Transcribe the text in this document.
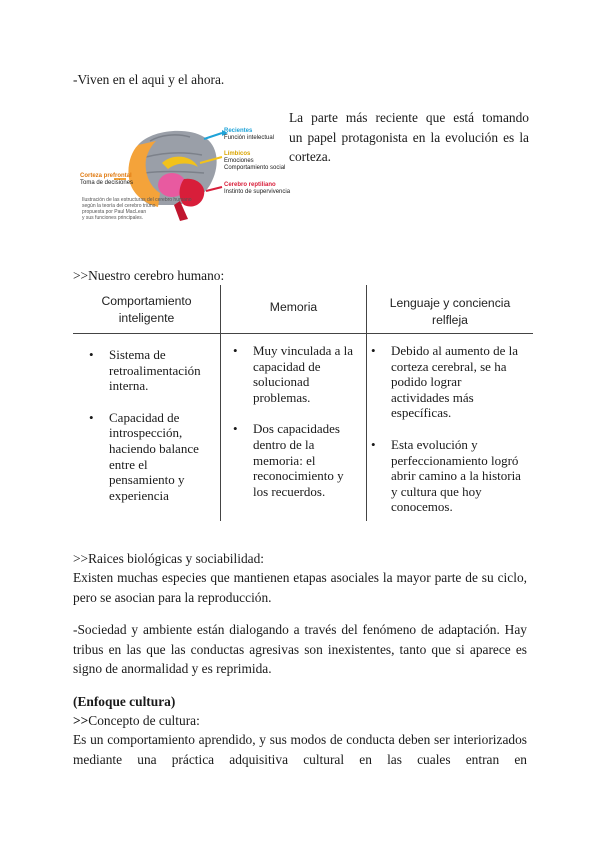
-Viven en el aqui y el ahora.
Recientes
Función intelectual
Límbicos
Emociones
Comportamiento social
Cerebro reptiliano
Instinto de supervivencia
Corteza prefrontal
Toma de decisiones
Ilustración de las estructuras del cerebro humano
según la teoría del cerebro triuno
propuesta por Paul MacLean
y sus funciones principales.
La parte más reciente que está tomando
un papel protagonista en la evolución es la
corteza.
>>Nuestro cerebro humano:
Comportamiento
inteligente
Memoria	Lenguaje y conciencia
relfleja
• Sistema de retroalimentación interna.
• Capacidad de introspección, haciendo balance entre el pensamiento y experiencia
• Muy vinculada a la capacidad de solucionad problemas.
• Dos capacidades dentro de la memoria: el reconocimiento y los recuerdos.
• Debido al aumento de la corteza cerebral, se ha podido lograr actividades más específicas.
• Esta evolución y perfeccionamiento logró abrir camino a la historia y cultura que hoy conocemos.
>>Raices biológicas y sociabilidad:
Existen muchas especies que mantienen etapas asociales la mayor parte de su ciclo, pero se asocian para la reproducción.
-Sociedad y ambiente están dialogando a través del fenómeno de adaptación. Hay tribus en las que las conductas agresivas son inexistentes, tanto que si aparece es signo de anormalidad y es reprimida.
(Enfoque cultura)
>>Concepto de cultura:
Es un comportamiento aprendido, y sus modos de conducta deben ser interiorizados mediante una práctica adquisitiva cultural en las cuales entran en
